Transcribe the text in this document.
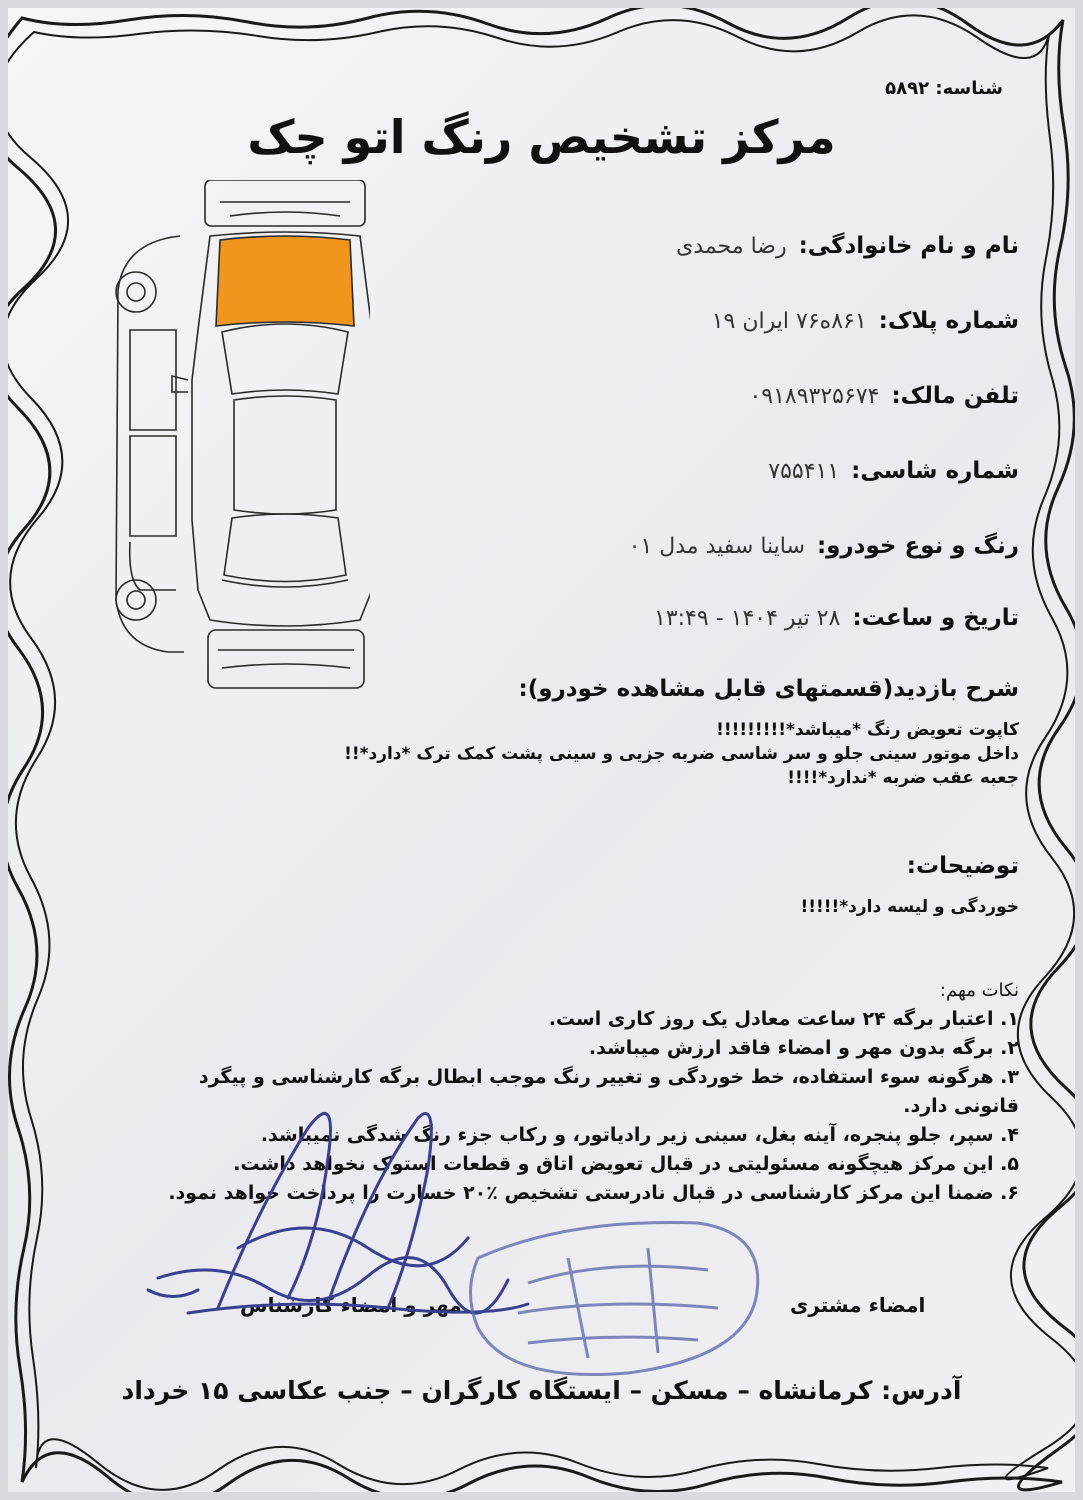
شناسه: ۵۸۹۲
مرکز تشخیص رنگ اتو چک
نام و نام خانوادگی:رضا محمدی
شماره پلاک:۸۶۱ه۷۶ ایران ۱۹
تلفن مالک:۰۹۱۸۹۳۲۵۶۷۴
شماره شاسی:۷۵۵۴۱۱
رنگ و نوع خودرو:ساینا سفید مدل ۰۱
تاریخ و ساعت:۲۸ تیر ۱۴۰۴ - ۱۳:۴۹
شرح بازدید(قسمتهای قابل مشاهده خودرو):
کاپوت تعویض رنگ *میباشد*!!!!!!!!!
داخل موتور سینی جلو و سر شاسی ضربه جزیی و سینی پشت کمک ترک *دارد*!!
جعبه عقب ضربه *ندارد*!!!!
توضیحات:
خوردگی و لیسه دارد*!!!!!
نکات مهم:
۱. اعتبار برگه ۲۴ ساعت معادل یک روز کاری است.
۲. برگه بدون مهر و امضاء فاقد ارزش میباشد.
۳. هرگونه سوء استفاده، خط خوردگی و تغییر رنگ موجب ابطال برگه کارشناسی و پیگرد قانونی دارد.
۴. سپر، جلو پنجره، آینه بغل، سینی زیر رادیاتور، و رکاب جزء رنگ شدگی نمیباشد.
۵. این مرکز هیچگونه مسئولیتی در قبال تعویض اتاق و قطعات استوک نخواهد داشت.
۶. ضمنا این مرکز کارشناسی در قبال نادرستی تشخیص ٪۲۰ خسارت را پرداخت خواهد نمود.
مهر و امضاء کارشناس	امضاء مشتری
آدرس: کرمانشاه – مسکن – ایستگاه کارگران – جنب عکاسی ۱۵ خرداد
